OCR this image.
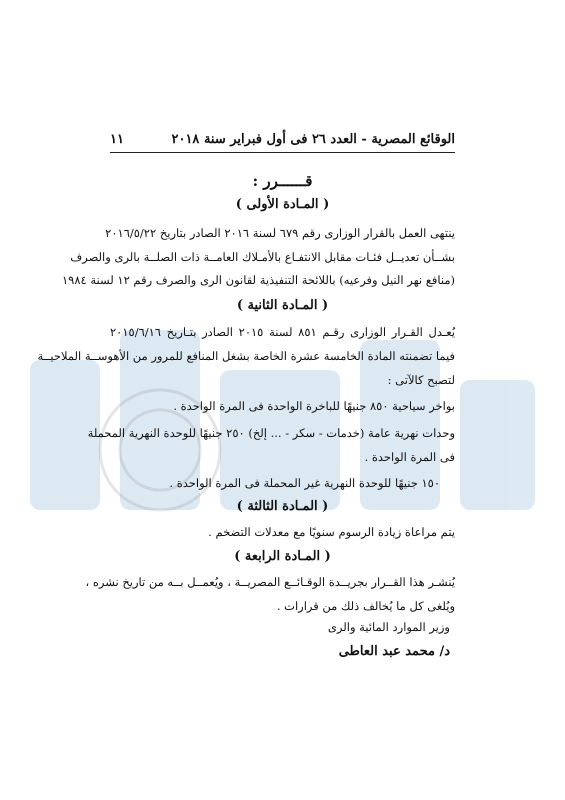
الوقائع المصرية - العدد ٢٦ فى أول فبراير سنة ٢٠١٨
١١
قــــــرر :
( المـادة الأولى )
ينتهى العمل بالقرار الوزارى رقم ٦٧٩ لسنة ٢٠١٦ الصادر بتاريخ ٢٠١٦/٥/٢٢
بشــأن تعديــل فئـات مقابل الانتفـاع بالأمـلاك العامــة ذات الصلــة بالرى والصرف
(منافع نهر النيل وفرعيه) باللائحة التنفيذية لقانون الرى والصرف رقم ١٢ لسنة ١٩٨٤
( المـادة الثانية )
يُعـدل القـرار الوزارى رقـم ٨٥١ لسنة ٢٠١٥ الصادر بتـاريخ ٢٠١٥/٦/١٦
فيما تضمنته المادة الخامسة عشرة الخاصة بشغل المنافع للمرور من الأهوســة الملاحيــة
لتصبح كالآتى :
بواخر سياحية ٨٥٠ جنيهًا للباخرة الواحدة فى المرة الواحدة .
وحدات نهرية عامة (خدمات - سكر - ... إلخ) ٢٥٠ جنيهًا للوحدة النهرية المحملة
فى المرة الواحدة .
١٥٠ جنيهًا للوحدة النهرية غير المحملة فى المرة الواحدة .
( المـادة الثالثة )
يتم مراعاة زيادة الرسوم سنويًا مع معدلات التضخم .
( المـادة الرابعة )
يُنشـر هذا القــرار بجريــدة الوقـائــع المصريــة ، ويُعمــل بــه من تاريخ نشره ،
ويُلغى كل ما يُخالف ذلك من قرارات .
وزير الموارد المائية والرى
د/ محمد عبد العاطى
